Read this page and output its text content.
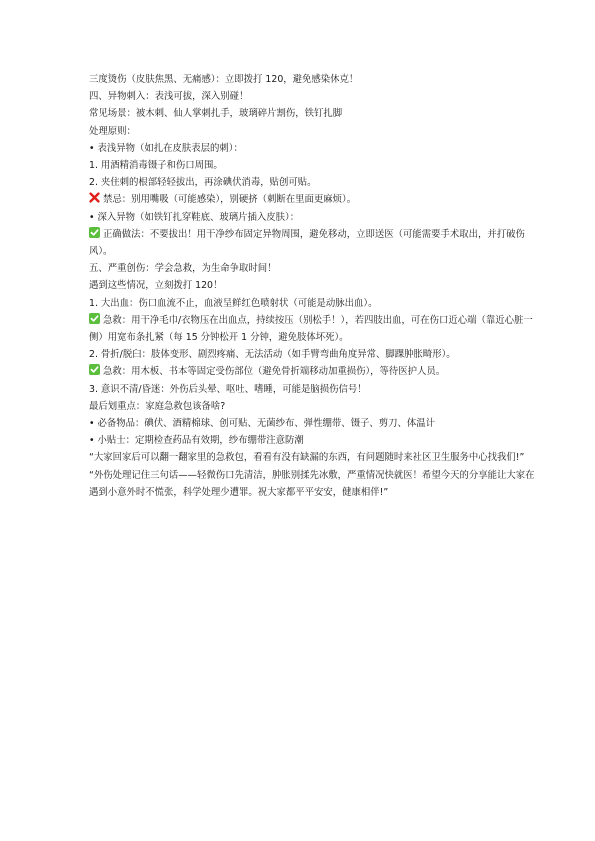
三度烫伤（皮肤焦黑、无痛感）：立即拨打 120，避免感染休克！
四、异物刺入：表浅可拔，深入别碰！
常见场景：被木刺、仙人掌刺扎手，玻璃碎片割伤，铁钉扎脚
处理原则：
• 表浅异物（如扎在皮肤表层的刺）：
1. 用酒精消毒镊子和伤口周围。
2. 夹住刺的根部轻轻拔出，再涂碘伏消毒，贴创可贴。
禁忌：别用嘴吸（可能感染），别硬挤（刺断在里面更麻烦）。
• 深入异物（如铁钉扎穿鞋底、玻璃片插入皮肤）：
正确做法：不要拔出！用干净纱布固定异物周围，避免移动，立即送医（可能需要手术取出，并打破伤风）。
五、严重创伤：学会急救，为生命争取时间！
遇到这些情况，立刻拨打 120！
1. 大出血：伤口血流不止，血液呈鲜红色喷射状（可能是动脉出血）。
急救：用干净毛巾/衣物压在出血点，持续按压（别松手！），若四肢出血，可在伤口近心端（靠近心脏一侧）用宽布条扎紧（每 15 分钟松开 1 分钟，避免肢体坏死）。
2. 骨折/脱臼：肢体变形、剧烈疼痛、无法活动（如手臂弯曲角度异常、脚踝肿胀畸形）。
急救：用木板、书本等固定受伤部位（避免骨折端移动加重损伤），等待医护人员。
3. 意识不清/昏迷：外伤后头晕、呕吐、嗜睡，可能是脑损伤信号！
最后划重点：家庭急救包该备啥?
• 必备物品：碘伏、酒精棉球、创可贴、无菌纱布、弹性绷带、镊子、剪刀、体温计
• 小贴士：定期检查药品有效期，纱布绷带注意防潮
“大家回家后可以翻一翻家里的急救包，看看有没有缺漏的东西，有问题随时来社区卫生服务中心找我们!”
“外伤处理记住三句话——轻微伤口先清洁，肿胀别揉先冰敷，严重情况快就医！希望今天的分享能让大家在遇到小意外时不慌张，科学处理少遭罪。祝大家都平平安安，健康相伴!”
